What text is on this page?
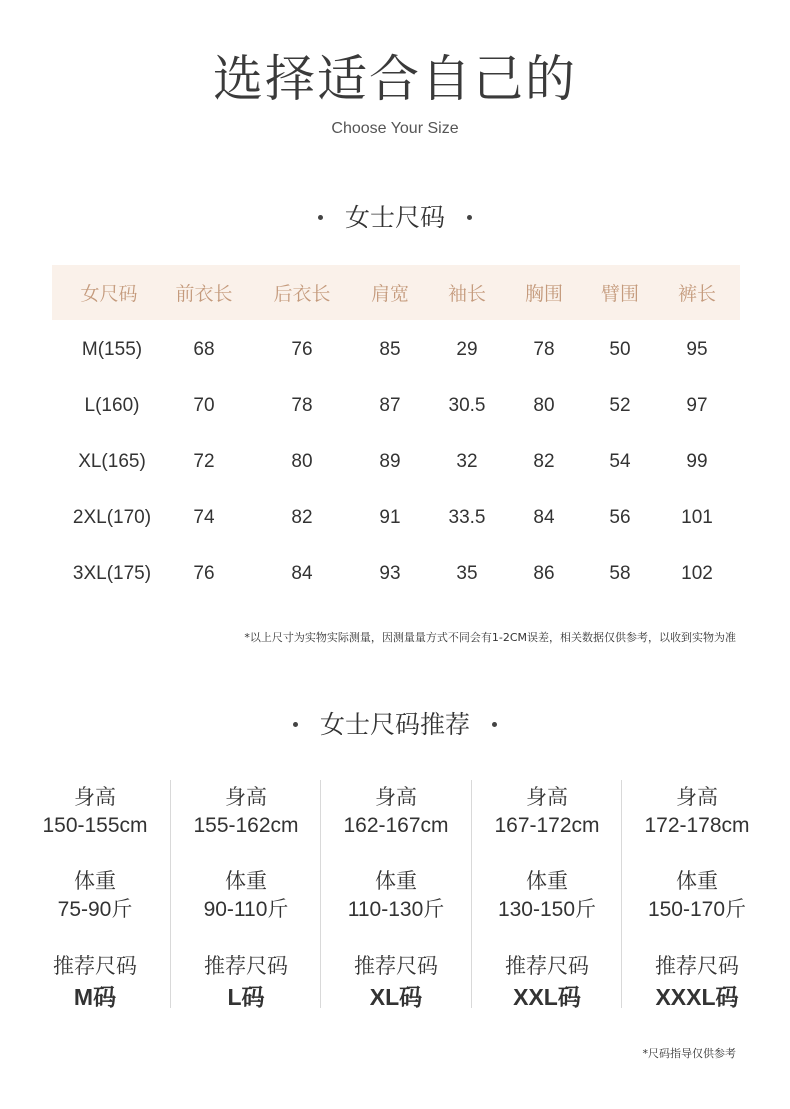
选择适合自己的
Choose Your Size
女士尺码
女尺码 前衣长 后衣长 肩宽 袖长 胸围 臂围 裤长
M(155)	68	76	85	29	78	50	95
L(160)	70	78	87	30.5	80	52	97
XL(165)	72	80	89	32	82	54	99
2XL(170) 74	82	91	33.5	84	56	101
3XL(175) 76	84	93	35	86	58	102
*以上尺寸为实物实际测量，因测量量方式不同会有1-2CM误差，相关数据仅供参考，以收到实物为准
女士尺码推荐
身高
150-155cm
体重
75-90斤
推荐尺码
M码
身高
155-162cm
体重
90-110斤
推荐尺码
L码
身高
162-167cm
体重
110-130斤
推荐尺码
XL码
身高
167-172cm
体重
130-150斤
推荐尺码
XXL码
身高
172-178cm
体重
150-170斤
推荐尺码
XXXL码
*尺码指导仅供参考
